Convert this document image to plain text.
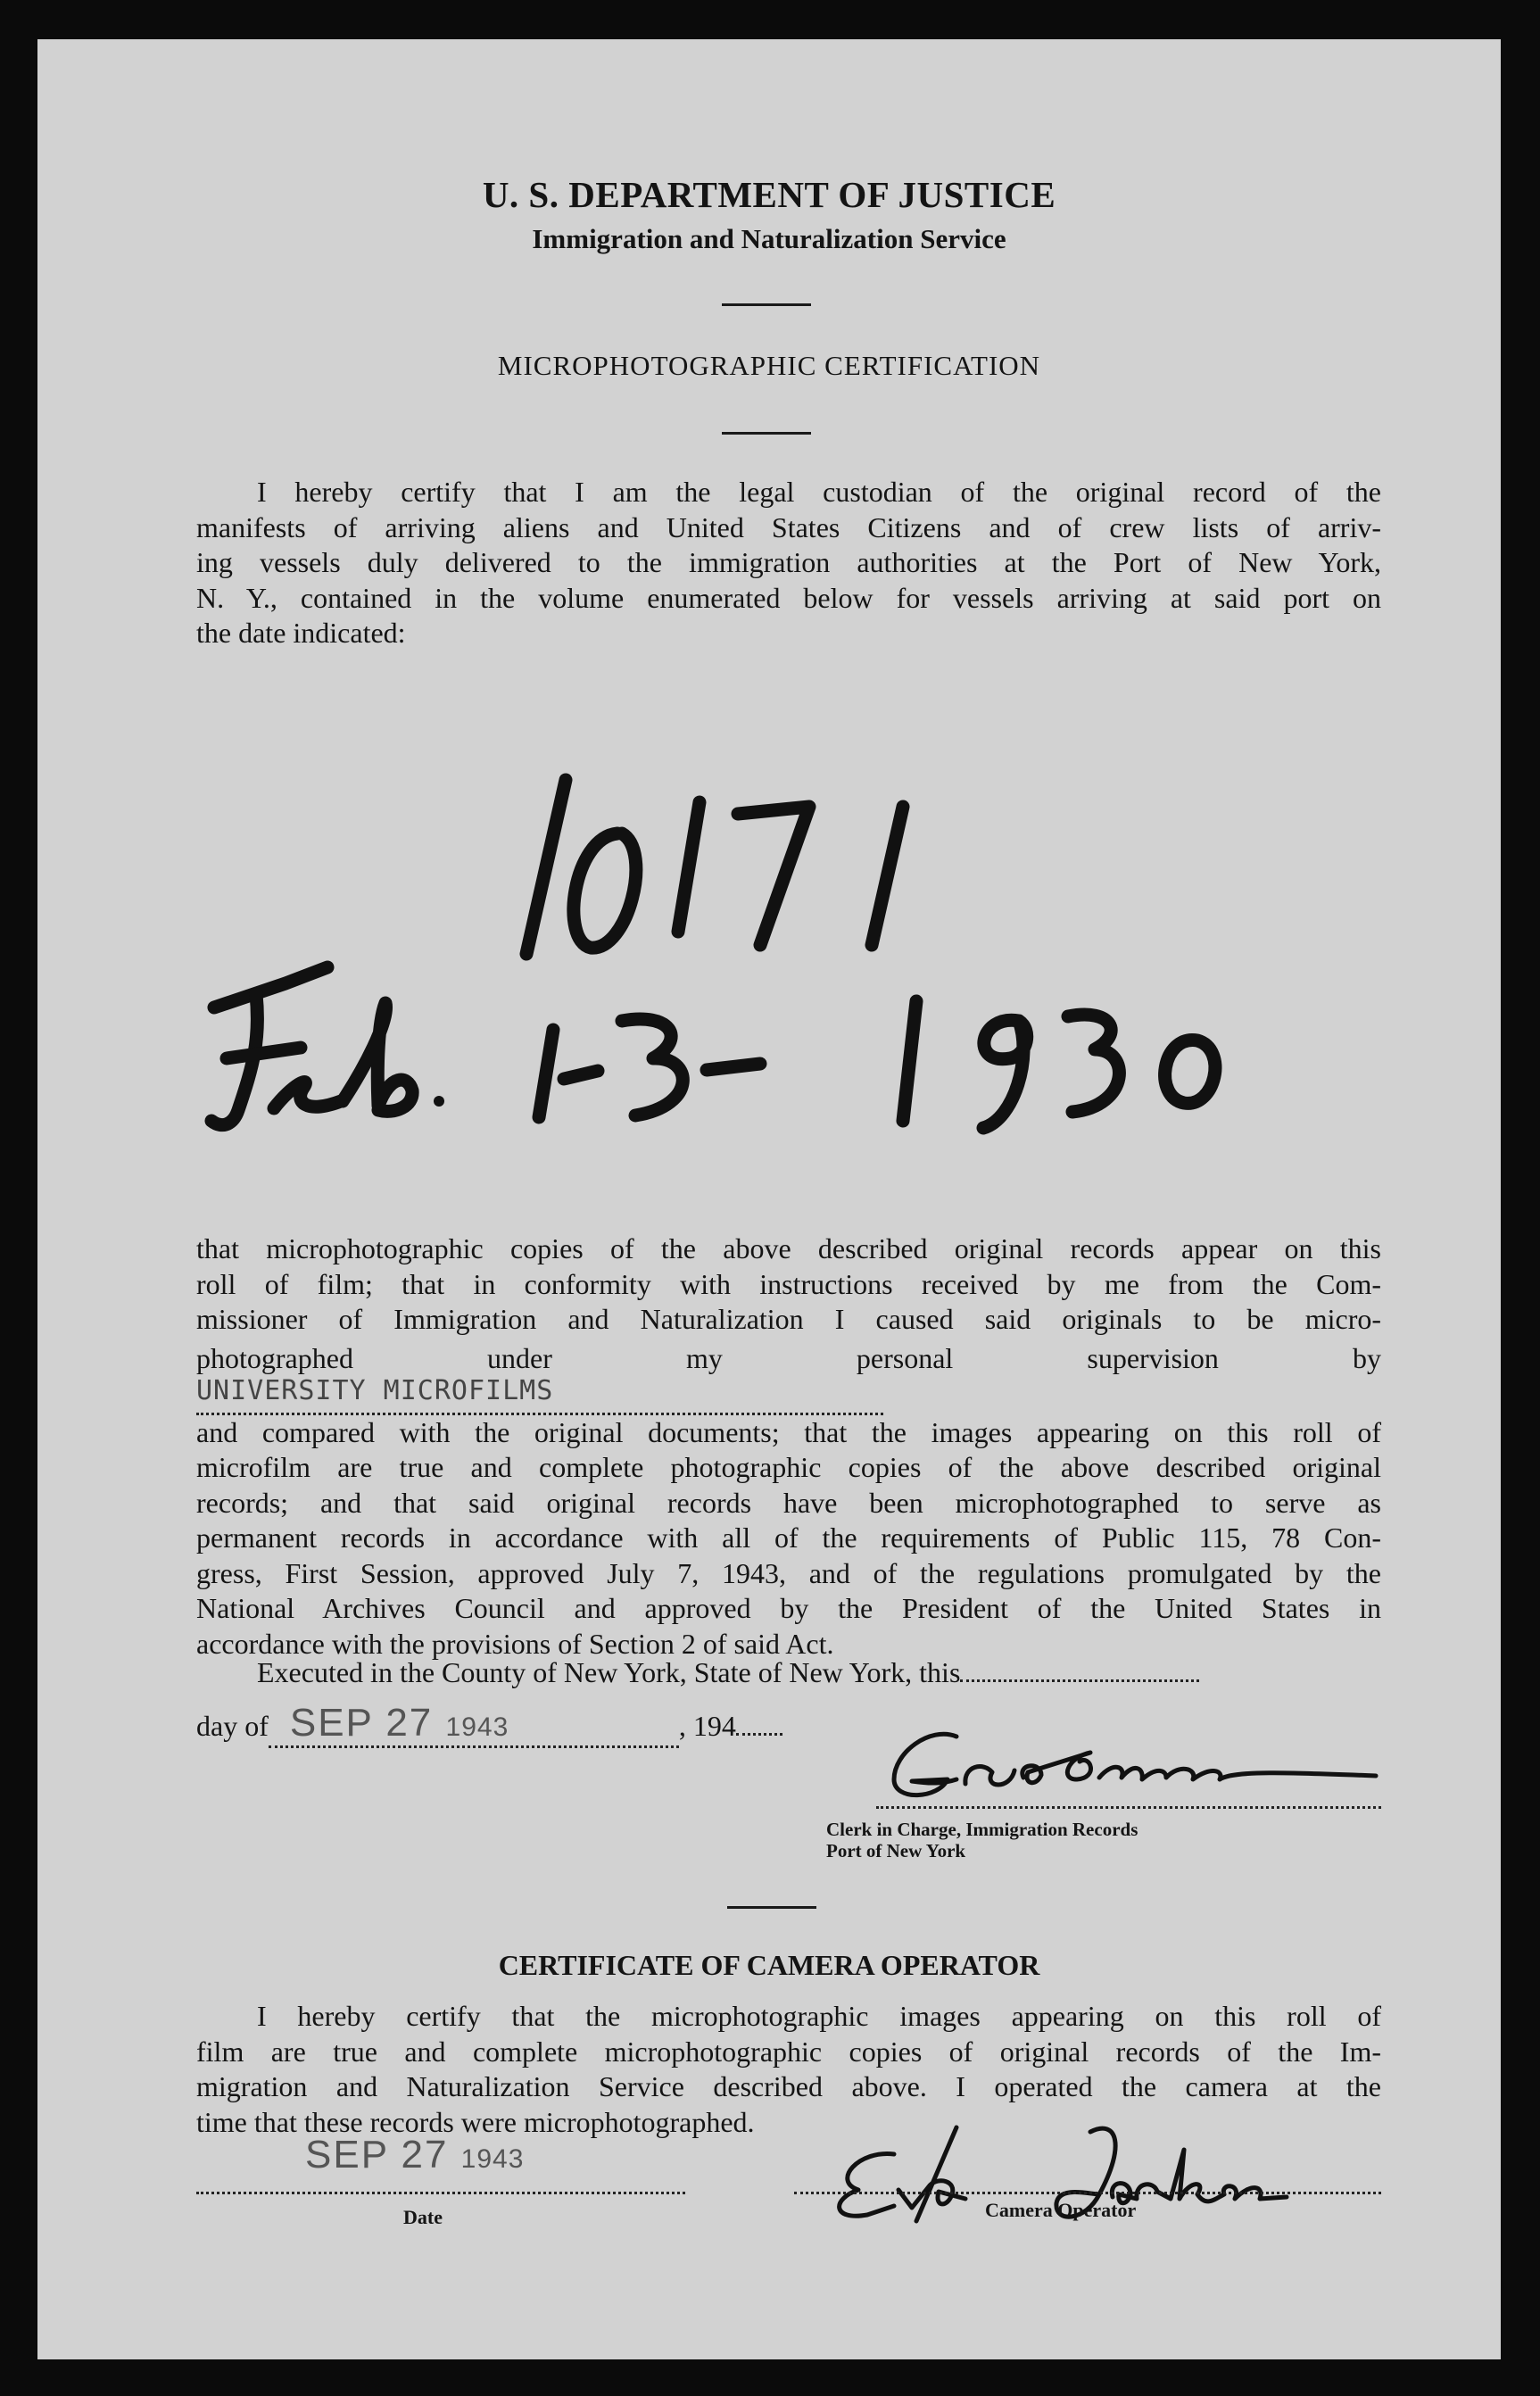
U. S. DEPARTMENT OF JUSTICE
Immigration and Naturalization Service
MICROPHOTOGRAPHIC CERTIFICATION

I hereby certify that I am the legal custodian of the original record of the

manifests of arriving aliens and United States Citizens and of crew lists of arriv-

ing vessels duly delivered to the immigration authorities at the Port of New York,

N. Y., contained in the volume enumerated below for vessels arriving at said port on

the date indicated:

that microphotographic copies of the above described original records appear on this

roll of film; that in conformity with instructions received by me from the Com-

missioner of Immigration and Naturalization I caused said originals to be micro-

photographed under my personal supervision byUNIVERSITY MICROFILMS

and compared with the original documents; that the images appearing on this roll of

microfilm are true and complete photographic copies of the above described original

records; and that said original records have been microphotographed to serve as

permanent records in accordance with all of the requirements of Public 115, 78 Con-

gress, First Session, approved July 7, 1943, and of the regulations promulgated by the

National Archives Council and approved by the President of the United States in

accordance with the provisions of Section 2 of said Act.

Executed in the County of New York, State of New York, this
day of SEP 27 1943	, 194
Clerk in Charge, Immigration Records
Port of New York
CERTIFICATE OF CAMERA OPERATOR

I hereby certify that the microphotographic images appearing on this roll of

film are true and complete microphotographic copies of original records of the Im-

migration and Naturalization Service described above. I operated the camera at the

time that these records were microphotographed.

SEP 27 1943
Date	Camera Operator
